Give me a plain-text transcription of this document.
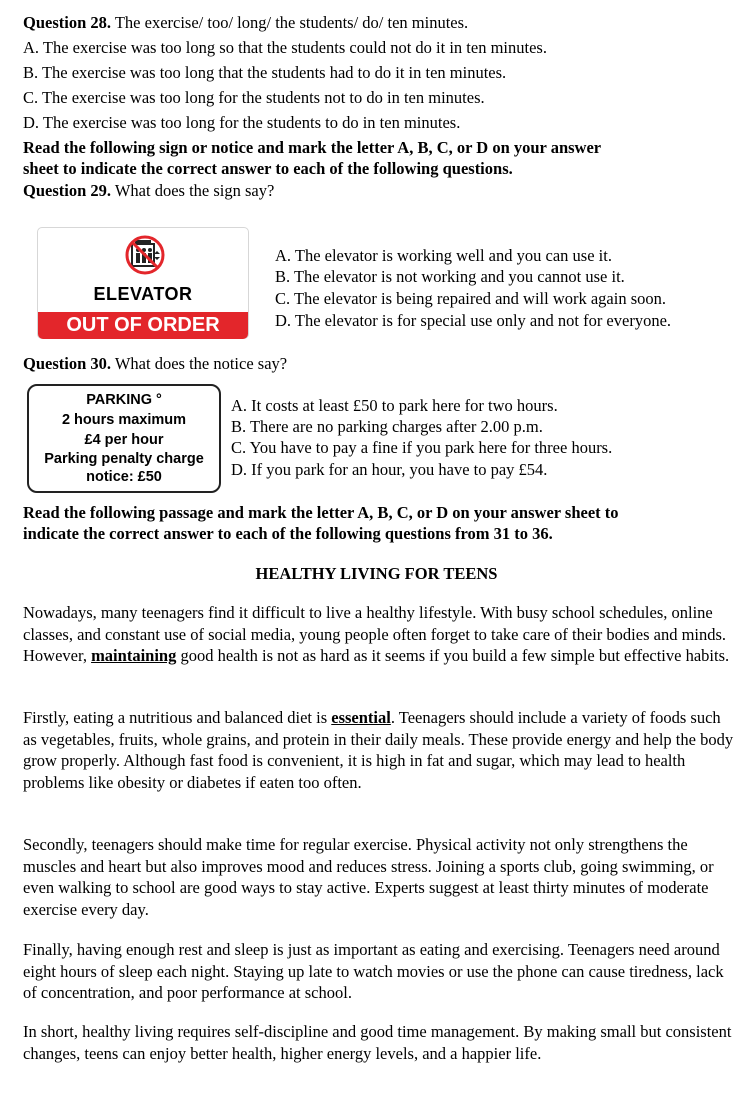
Question 28. The exercise/ too/ long/ the students/ do/ ten minutes.
A. The exercise was too long so that the students could not do it in ten minutes.
B. The exercise was too long that the students had to do it in ten minutes.
C. The exercise was too long for the students not to do in ten minutes.
D. The exercise was too long for the students to do in ten minutes.
Read the following sign or notice and mark the letter A, B, C, or D on your answer
sheet to indicate the correct answer to each of the following questions.
Question 29. What does the sign say?
ELEVATOR
OUT OF ORDER
A. The elevator is working well and you can use it.
B. The elevator is not working and you cannot use it.
C. The elevator is being repaired and will work again soon.
D. The elevator is for special use only and not for everyone.
Question 30. What does the notice say?
PARKING °
2 hours maximum
£4 per hour
Parking penalty charge
notice: £50
A. It costs at least £50 to park here for two hours.
B. There are no parking charges after 2.00 p.m.
C. You have to pay a fine if you park here for three hours.
D. If you park for an hour, you have to pay £54.
Read the following passage and mark the letter A, B, C, or D on your answer sheet to
indicate the correct answer to each of the following questions from 31 to 36.
HEALTHY LIVING FOR TEENS

Nowadays, many teenagers find it difficult to live a healthy lifestyle. With busy school schedules, online classes, and constant use of social media, young people often forget to take care of their bodies and minds. However, maintaining good health is not as hard as it seems if you build a few simple but effective habits.

Firstly, eating a nutritious and balanced diet is essential. Teenagers should include a variety of foods such as vegetables, fruits, whole grains, and protein in their daily meals. These provide energy and help the body grow properly. Although fast food is convenient, it is high in fat and sugar, which may lead to health problems like obesity or diabetes if eaten too often.

Secondly, teenagers should make time for regular exercise. Physical activity not only strengthens the muscles and heart but also improves mood and reduces stress. Joining a sports club, going swimming, or even walking to school are good ways to stay active. Experts suggest at least thirty minutes of moderate exercise every day.

Finally, having enough rest and sleep is just as important as eating and exercising. Teenagers need around eight hours of sleep each night. Staying up late to watch movies or use the phone can cause tiredness, lack of concentration, and poor performance at school.

In short, healthy living requires self-discipline and good time management. By making small but consistent changes, teens can enjoy better health, higher energy levels, and a happier life.
